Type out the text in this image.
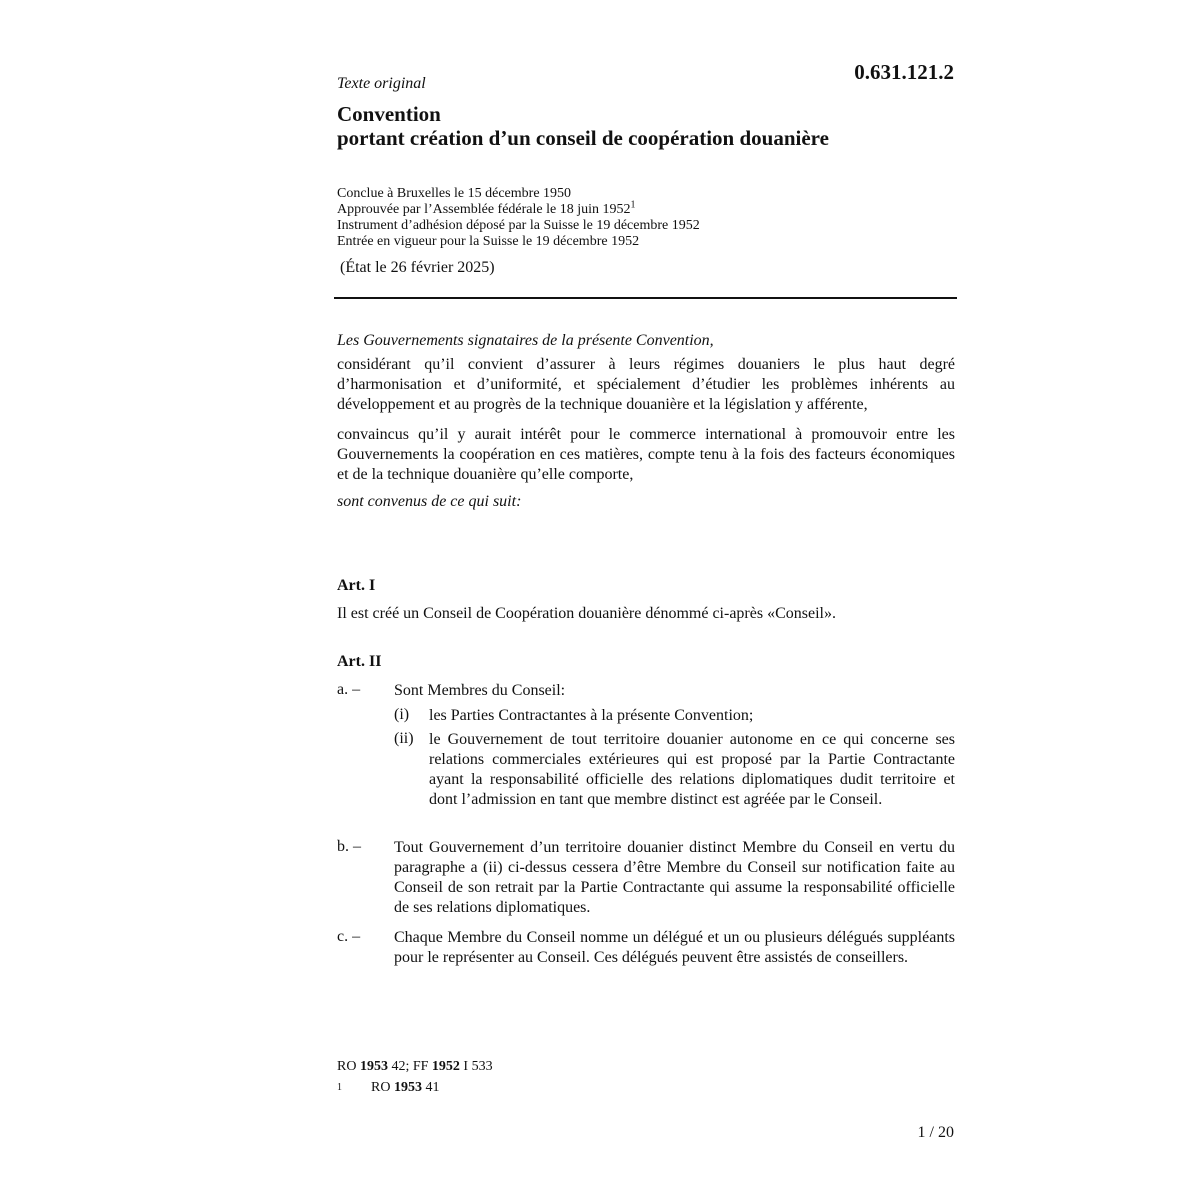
0.631.121.2
Texte original
Convention
portant création d’un conseil de coopération douanière
Conclue à Bruxelles le 15 décembre 1950
Approuvée par l’Assemblée fédérale le 18 juin 1952$^1$
Instrument d’adhésion déposé par la Suisse le 19 décembre 1952
Entrée en vigueur pour la Suisse le 19 décembre 1952
(État le 26 février 2025)
Les Gouvernements signataires de la présente Convention,
considérant qu’il convient d’assurer à leurs régimes douaniers le plus haut degré d’harmonisation et d’uniformité, et spécialement d’étudier les problèmes inhérents au développement et au progrès de la technique douanière et la législation y afférente,
convaincus qu’il y aurait intérêt pour le commerce international à promouvoir entre les Gouvernements la coopération en ces matières, compte tenu à la fois des facteurs économiques et de la technique douanière qu’elle comporte,
sont convenus de ce qui suit:
Art. I
Il est créé un Conseil de Coopération douanière dénommé ci-après «Conseil».
Art. II
a. – Sont Membres du Conseil:
(i) les Parties Contractantes à la présente Convention;
(ii) le Gouvernement de tout territoire douanier autonome en ce qui concerne ses relations commerciales extérieures qui est proposé par la Partie Contractante ayant la responsabilité officielle des relations diplomatiques dudit territoire et dont l’admission en tant que membre distinct est agréée par le Conseil.
b. – Tout Gouvernement d’un territoire douanier distinct Membre du Conseil en vertu du paragraphe a (ii) ci-dessus cessera d’être Membre du Conseil sur notification faite au Conseil de son retrait par la Partie Contractante qui assume la responsabilité officielle de ses relations diplomatiques.
c. – Chaque Membre du Conseil nomme un délégué et un ou plusieurs délégués suppléants pour le représenter au Conseil. Ces délégués peuvent être assistés de conseillers.
RO 1953 42; FF 1952 I 533
1 RO 1953 41
1 / 20
